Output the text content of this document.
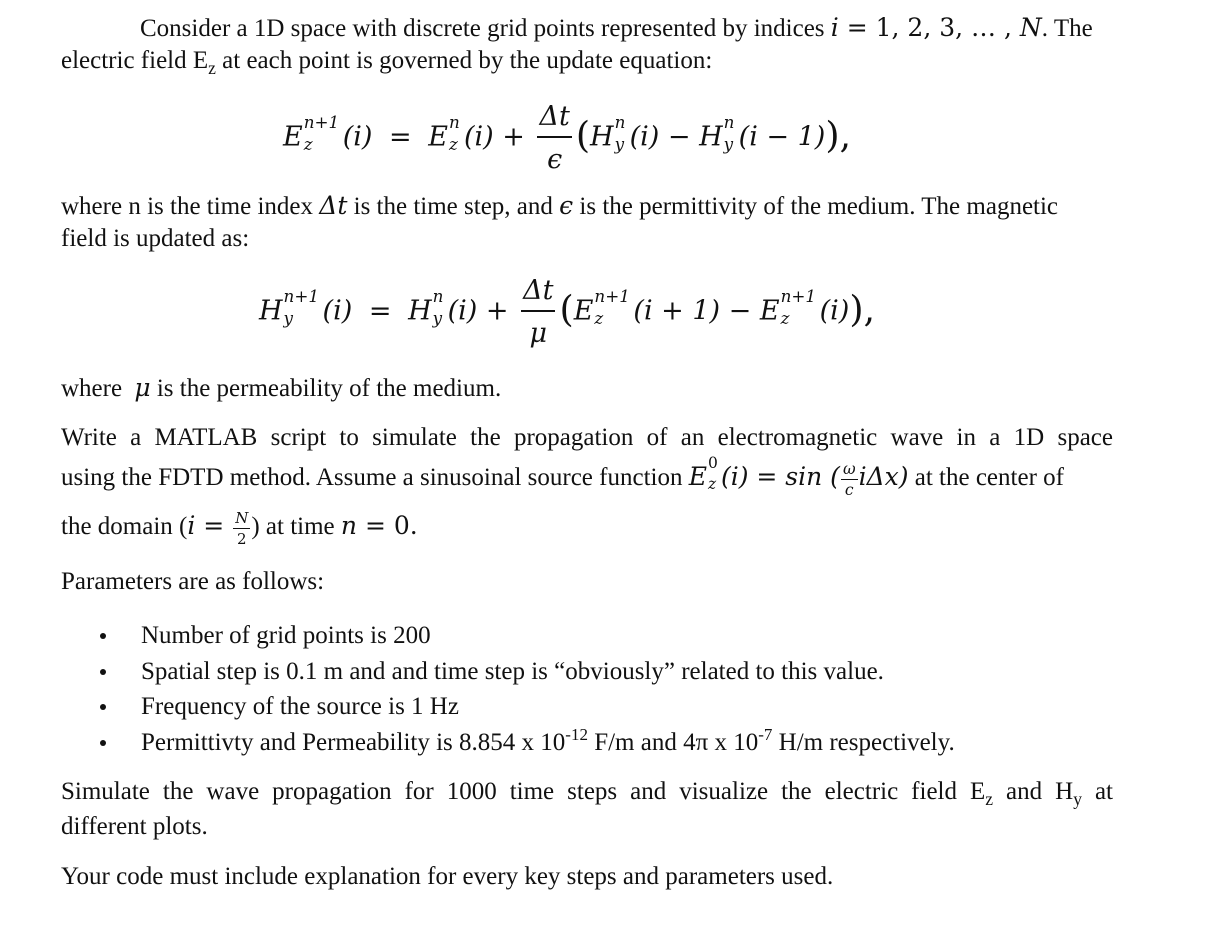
Consider a 1D space with discrete grid points represented by indices i = 1, 2, 3, … , N. The
electric field Ez at each point is governed by the update equation:
E n+1
z (i) = E n
z $(i) + \frac{\Delta t}{\epsilon} (H$ n
y (i) − H n
y (i − 1)),
where n is the time index Δt is the time step, and ϵ is the permittivity of the medium. The magnetic
field is updated as:
H n+1
y (i) = H n
y $(i) + \frac{\Delta t}{\mu} (E$ n+1
z (i + 1) − E n+1
z (i)),
where μ is the permeability of the medium.
Write a MATLAB script to simulate the propagation of an electromagnetic wave in a 1D space
using the FDTD method. Assume a sinusoinal source function E 0
z (i) = sin ( $\frac{\omega}{c} i\Delta x$) at the center of
the domain ($i = \frac{N}{2}$ ) at time n = 0.
Parameters are as follows:
Number of grid points is 200
Spatial step is 0.1 m and and time step is “obviously” related to this value.
Frequency of the source is 1 Hz
Permittivty and Permeability is 8.854 x 10-12 F/m and 4π x 10-7 H/m respectively.
Simulate the wave propagation for 1000 time steps and visualize the electric field Ez and Hy at
different plots.
Your code must include explanation for every key steps and parameters used.
